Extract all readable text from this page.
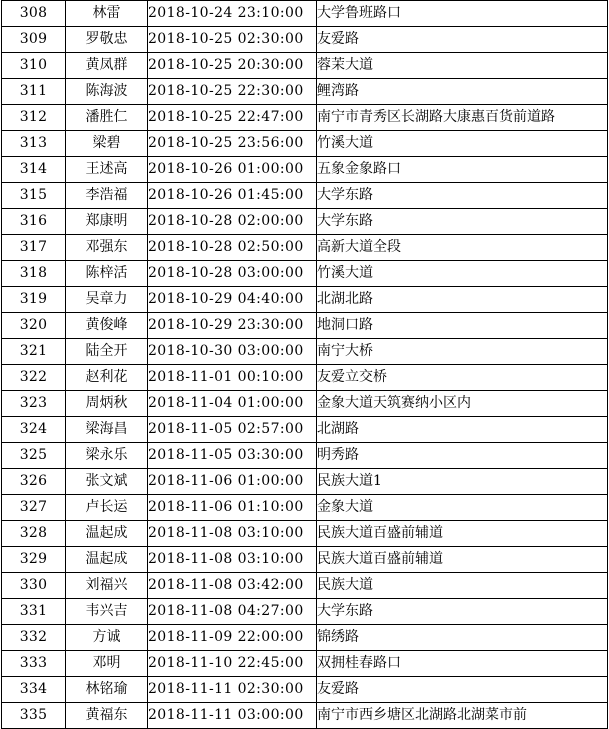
308	林雷	2018-10-24 23:10:00	大学鲁班路口
309	罗敬忠	2018-10-25 02:30:00	友爱路
310	黄凤群	2018-10-25 20:30:00	蓉茉大道
311	陈海波	2018-10-25 22:30:00	鲤湾路
312	潘胜仁	2018-10-25 22:47:00	南宁市青秀区长湖路大康惠百货前道路
313	梁碧	2018-10-25 23:56:00	竹溪大道
314	王述高	2018-10-26 01:00:00	五象金象路口
315	李浩福	2018-10-26 01:45:00	大学东路
316	郑康明	2018-10-28 02:00:00	大学东路
317	邓强东	2018-10-28 02:50:00	高新大道全段
318	陈梓活	2018-10-28 03:00:00	竹溪大道
319	吴章力	2018-10-29 04:40:00	北湖北路
320	黄俊峰	2018-10-29 23:30:00	地洞口路
321	陆全开	2018-10-30 03:00:00	南宁大桥
322	赵利花	2018-11-01 00:10:00	友爱立交桥
323	周炳秋	2018-11-04 01:00:00	金象大道天筑赛纳小区内
324	梁海昌	2018-11-05 02:57:00	北湖路
325	梁永乐	2018-11-05 03:30:00	明秀路
326	张文斌	2018-11-06 01:00:00	民族大道1
327	卢长运	2018-11-06 01:10:00	金象大道
328	温起成	2018-11-08 03:10:00	民族大道百盛前辅道
329	温起成	2018-11-08 03:10:00	民族大道百盛前辅道
330	刘福兴	2018-11-08 03:42:00	民族大道
331	韦兴吉	2018-11-08 04:27:00	大学东路
332	方诚	2018-11-09 22:00:00	锦绣路
333	邓明	2018-11-10 22:45:00	双拥桂春路口
334	林铭瑜	2018-11-11 02:30:00	友爱路
335	黄福东	2018-11-11 03:00:00	南宁市西乡塘区北湖路北湖菜市前
